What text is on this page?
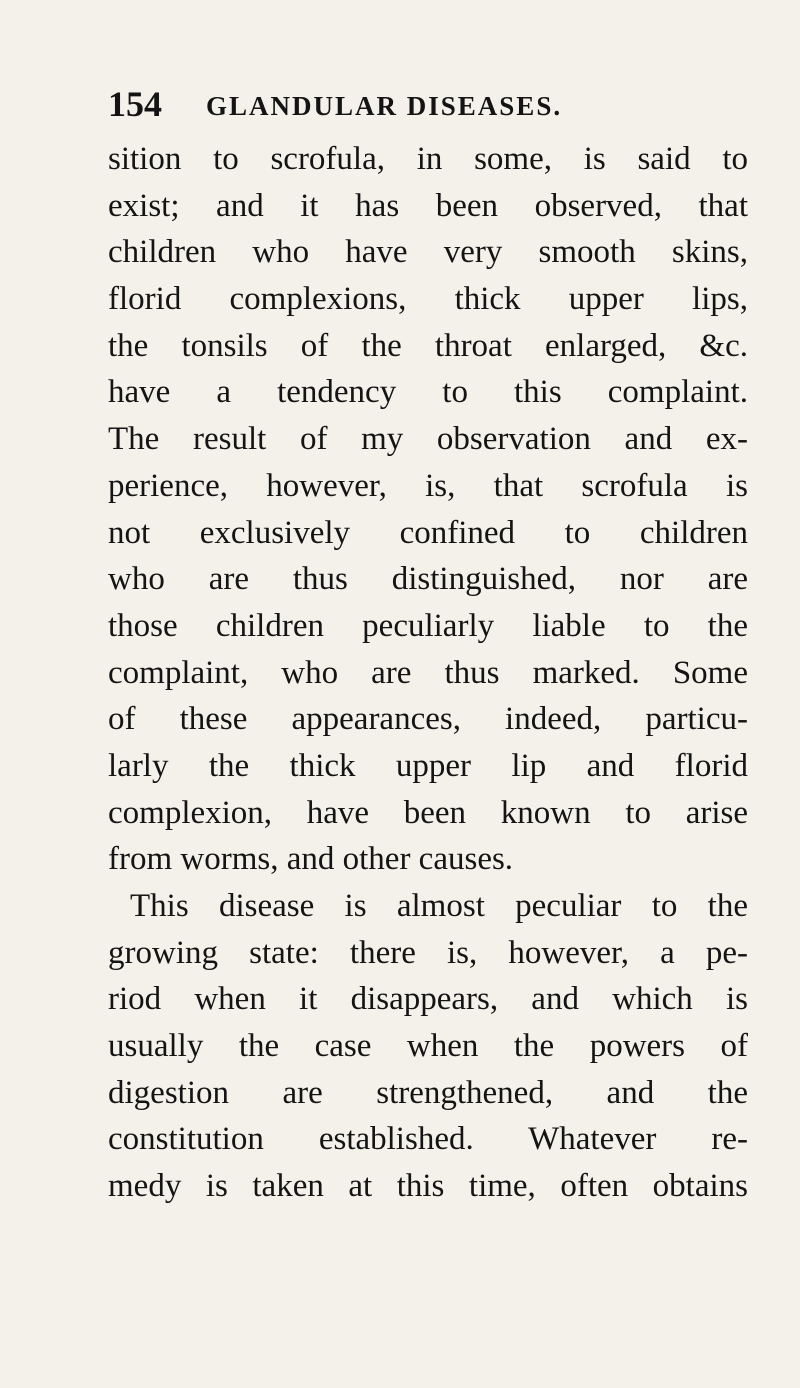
154 GLANDULAR DISEASES.
sition to scrofula, in some, is said to
exist; and it has been observed, that
children who have very smooth skins,
florid complexions, thick upper lips,
the tonsils of the throat enlarged, &c.
have a tendency to this complaint.
The result of my observation and ex-
perience, however, is, that scrofula is
not exclusively confined to children
who are thus distinguished, nor are
those children peculiarly liable to the
complaint, who are thus marked. Some
of these appearances, indeed, particu-
larly the thick upper lip and florid
complexion, have been known to arise
from worms, and other causes.
This disease is almost peculiar to the
growing state: there is, however, a pe-
riod when it disappears, and which is
usually the case when the powers of
digestion are strengthened, and the
constitution established. Whatever re-
medy is taken at this time, often obtains
